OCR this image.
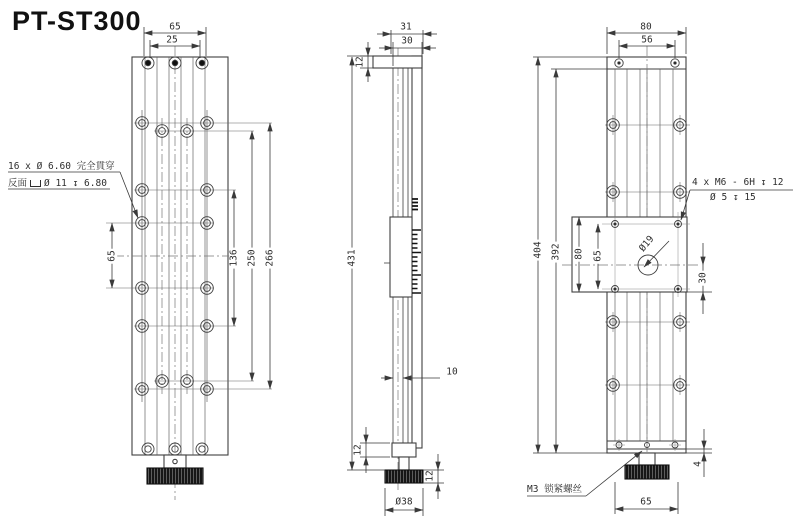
PT-ST300	65
25
65	136 250 266
16 x Ø 6.60 完全貫穿
反面 Ø 11 ↧ 6.80
31
30
12
431
10
12
12
Ø38
80
56
404 392 80 65
30
4
Ø19
4 x M6 - 6H ↧ 12
Ø 5 ↧ 15
M3 锁紧螺丝
65
